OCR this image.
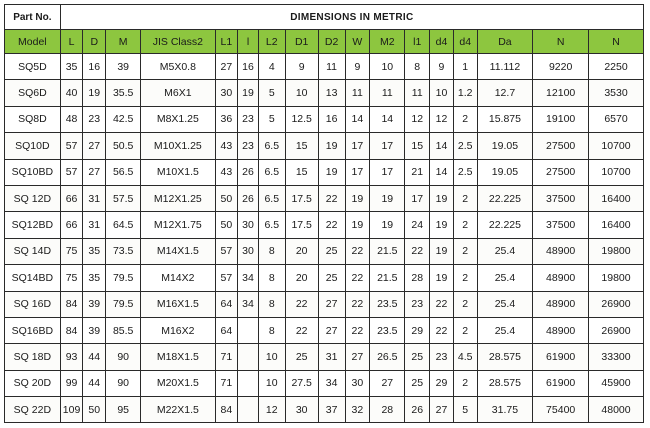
Part No.	DIMENSIONS IN METRIC																
Model	L	D	M	JIS Class2	L1	l	L2	D1	D2	W	M2	l1	d4	d4	Da	N	N
SQ5D	35	16	39	M5X0.8	27	16	4	9	11	9	10	8	9	1	11.112	9220	2250
SQ6D	40	19	35.5	M6X1	30	19	5	10	13	11	11	11	10	1.2	12.7	12100	3530
SQ8D	48	23	42.5	M8X1.25	36	23	5	12.5	16	14	14	12	12	2	15.875	19100	6570
SQ10D	57	27	50.5	M10X1.25	43	23	6.5	15	19	17	17	15	14	2.5	19.05	27500	10700
SQ10BD	57	27	56.5	M10X1.5	43	26	6.5	15	19	17	17	21	14	2.5	19.05	27500	10700
SQ 12D	66	31	57.5	M12X1.25	50	26	6.5	17.5	22	19	19	17	19	2	22.225	37500	16400
SQ12BD	66	31	64.5	M12X1.75	50	30	6.5	17.5	22	19	19	24	19	2	22.225	37500	16400
SQ 14D	75	35	73.5	M14X1.5	57	30	8	20	25	22	21.5	22	19	2	25.4	48900	19800
SQ14BD	75	35	79.5	M14X2	57	34	8	20	25	22	21.5	28	19	2	25.4	48900	19800
SQ 16D	84	39	79.5	M16X1.5	64	34	8	22	27	22	23.5	23	22	2	25.4	48900	26900
SQ16BD	84	39	85.5	M16X2	64		8	22	27	22	23.5	29	22	2	25.4	48900	26900
SQ 18D	93	44	90	M18X1.5	71		10	25	31	27	26.5	25	23	4.5	28.575	61900	33300
SQ 20D	99	44	90	M20X1.5	71		10	27.5	34	30	27	25	29	2	28.575	61900	45900
SQ 22D	109	50	95	M22X1.5	84		12	30	37	32	28	26	27	5	31.75	75400	48000
